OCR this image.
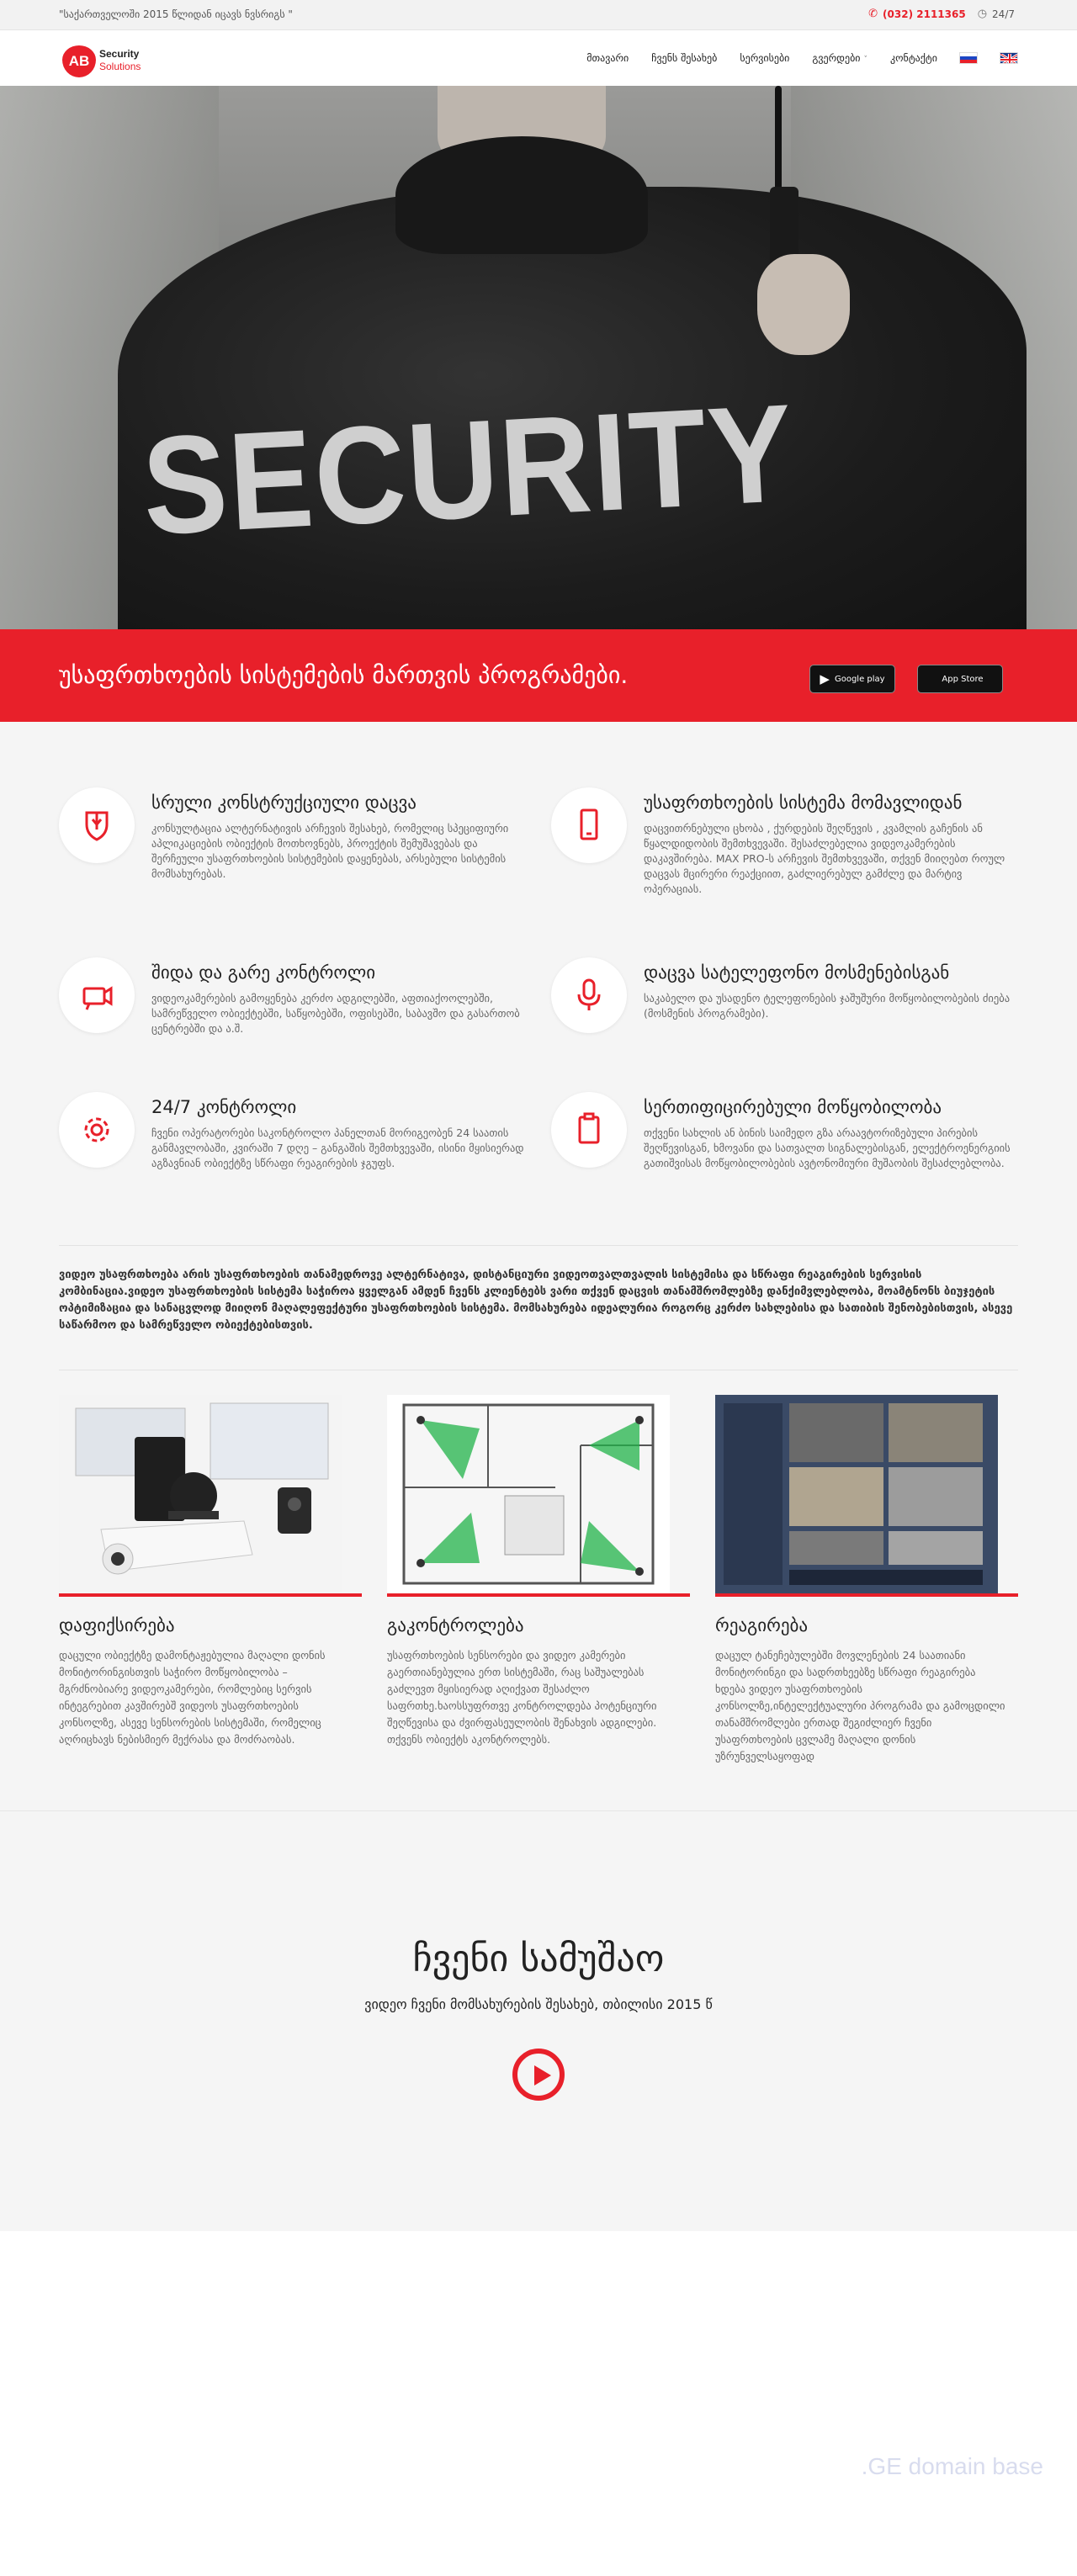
"საქართველოში 2015 წლიდან იცავს ნვსრიგს "	✆ (032) 2111365 ◷ 24/7
AB Security
Solutions
მთავარი ჩვენს შესახებ სერვისები გვერდები ˅ კონტაქტი
SECURITY
უსაფრთხოების სისტემების მართვის პროგრამები.	▶ Google play	App Store
სრული კონსტრუქციული დაცვა
კონსულტაცია ალტერნატივის არჩევის შესახებ, რომელიც სპეციფიური აპლიკაციების ობიექტის მოთხოვნებს, პროექტის შემუშავებას და შერჩეული უსაფრთხოების სისტემების დაყენებას, არსებული სისტემის მომსახურებას.
უსაფრთხოების სისტემა მომავლიდან
დაცვითრნებული ცხობა , ქურდების შეღწევის , კვამლის გაჩენის ან წყალდიდობის შემთხვევაში. შესაძლებელია ვიდეოკამერების დაკავშირება. MAX PRO-ს არჩევის შემთხვევაში, თქვენ მიიღებთ როულ დაცვას მცირერი რეაქციით, გაძლიერებულ გამძლე და მარტივ ოპერაციას.
შიდა და გარე კონტროლი
ვიდეოკამერების გამოყენება კერძო ადგილებში, აფთიაქოოლებში, სამრეწველო ობიექტებში, საწყობებში, ოფისებში, საბავშო და გასართობ ცენტრებში და ა.შ.
დაცვა სატელეფონო მოსმენებისგან
საკაბელო და უსადენო ტელეფონების ჯაშუშური მოწყობილობების ძიება (მოსმენის პროგრამები).
24/7 კონტროლი
ჩვენი ოპერატორები საკონტროლო პანელთან მორიგეობენ 24 საათის განმავლობაში, კვირაში 7 დღე – განგაშის შემთხვევაში, ისინი მყისიერად აგზავნიან ობიექტზე სწრაფი რეაგირების ჯგუფს.
სერთიფიცირებული მოწყობილობა
თქვენი სახლის ან ბინის საიმედო გზა არაავტორიზებული პირების შეღწევისგან, ხმოვანი და სათვალთ სიგნალებისგან, ელექტროენერგიის გათიშვისას მოწყობილობების ავტონომიური მუშაობის შესაძლებლობა.
ვიდეო უსაფრთხოება არის უსაფრთხოების თანამედროვე ალტერნატივა, დისტანციური ვიდეოთვალთვალის სისტემისა და სწრაფი რეაგირების სერვისის კომბინაცია.ვიდეო უსაფრთხოების სისტემა საჭიროა ყველგან ამდენ ჩვენს კლიენტებს ვარი თქვენ დაცვის თანამშრომლებზე დანქიმვლებლობა, მოამტნონს ბიუჯეტის ოპტიმიზაცია და სანაცვლოდ მიიღონ მაღალეფექტური უსაფრთხოების სისტემა. მომსახურება იდეალურია როგორც კერძო სახლებისა და სათიბის შენობებისთვის, ასევე საწარმოო და სამრეწველო ობიექტებისთვის.
დაფიქსირება
დაცული ობიექტზე დამონტაჟებულია მაღალი დონის მონიტორინგისთვის საჭირო მოწყობილობა – მგრძნობიარე ვიდეოკამერები, რომლებიც სერვის ინტეგრებით კავშირებშ ვიდეოს უსაფრთხოების კონსოლზე, ასევე სენსორების სისტემაში, რომელიც აღრიცხავს ნებისმიერ მექრასა და მოძრაობას.
გაკონტროლება
უსაფრთხოების სენსორები და ვიდეო კამერები გაერთიანებულია ერთ სისტემაში, რაც საშუალებას გაძლევთ მყისიერად აღიქვათ შესაძლო საფრთხე.ხაოსსუფრთვე კონტროლდება პოტენციური შეღწევისა და ძვირფასეულობის შენახვის ადგილები. თქვენს ობიექტს აკონტროლებს.
რეაგირება
დაცულ ტანეჩებულებში მოვლენების 24 საათიანი მონიტორინგი და სადრთხეებზე სწრაფი რეაგირება ხდება ვიდეო უსაფრთხოების კონსოლზე,ინტელექტუალური პროგრამა და გამოცდილი თანამშრომლები ერთად შეგიძლიერ ჩვენი უსაფრთხოების ცვლამე მაღალი დონის უზრუნველსაყოფად
ჩვენი სამუშაო
ვიდეო ჩვენი მომსახურების შესახებ, თბილისი 2015 წ
.GE domain base
